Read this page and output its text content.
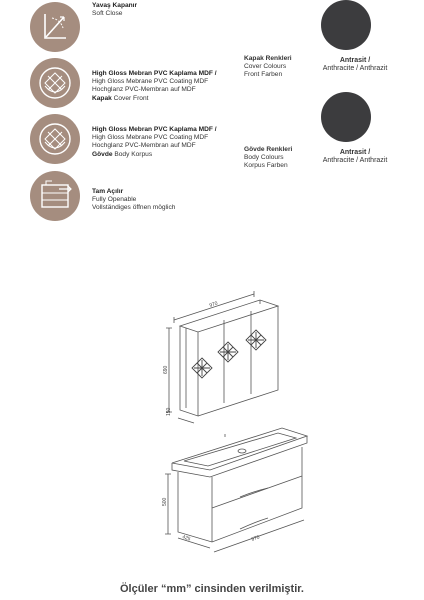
Yavaş Kapanır
Soft Close
High Gloss Mebran PVC Kaplama MDF /
High Gloss Mebrane PVC Coating MDF
Hochglanz PVC-Membran auf MDF
Kapak Cover Front
High Gloss Mebran PVC Kaplama MDF /
High Gloss Mebrane PVC Coating MDF
Hochglanz PVC-Membran auf MDF
Gövde Body Korpus
Tam Açılır
Fully Openable
Vollständiges öffnen möglich
Kapak Renkleri
Cover Colours
Front Farben
Antrasit /
Anthracite / Anthrazit
Gövde Renkleri
Body Colours
Korpus Farben
Antrasit /
Anthracite / Anthrazit
970
690
150
500
425	970
Ölçüler “mm” cinsinden verilmiştir.
